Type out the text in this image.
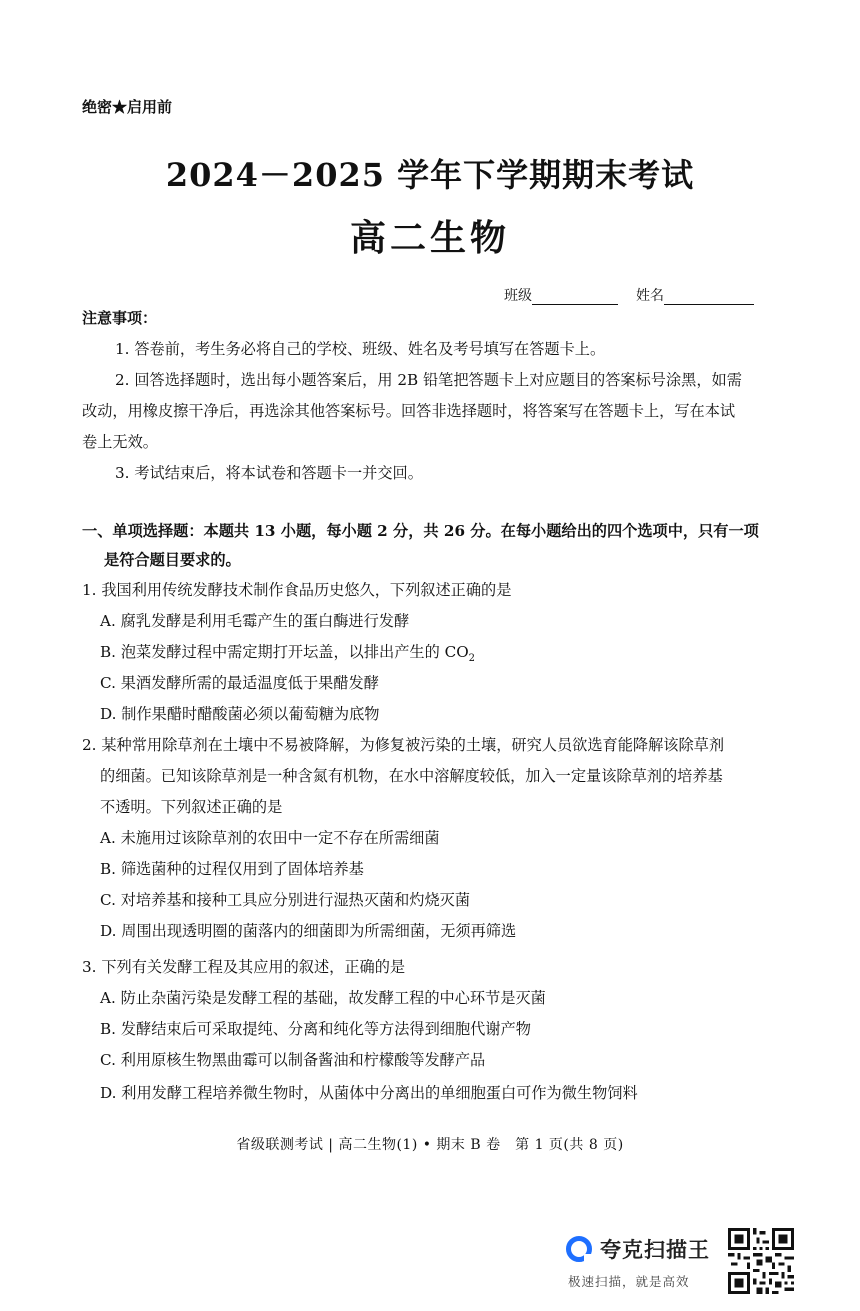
绝密★启用前
2024－2025 学年下学期期末考试
高二生物
班级	姓名
注意事项：
1. 答卷前，考生务必将自己的学校、班级、姓名及考号填写在答题卡上。
2. 回答选择题时，选出每小题答案后，用 2B 铅笔把答题卡上对应题目的答案标号涂黑，如需
改动，用橡皮擦干净后，再选涂其他答案标号。回答非选择题时，将答案写在答题卡上，写在本试
卷上无效。
3. 考试结束后，将本试卷和答题卡一并交回。
一、单项选择题：本题共 13 小题，每小题 2 分，共 26 分。在每小题给出的四个选项中，只有一项
是符合题目要求的。
1. 我国利用传统发酵技术制作食品历史悠久，下列叙述正确的是
A. 腐乳发酵是利用毛霉产生的蛋白酶进行发酵
B. 泡菜发酵过程中需定期打开坛盖，以排出产生的 $CO_2$
C. 果酒发酵所需的最适温度低于果醋发酵
D. 制作果醋时醋酸菌必须以葡萄糖为底物
2. 某种常用除草剂在土壤中不易被降解，为修复被污染的土壤，研究人员欲选育能降解该除草剂
的细菌。已知该除草剂是一种含氮有机物，在水中溶解度较低，加入一定量该除草剂的培养基
不透明。下列叙述正确的是
A. 未施用过该除草剂的农田中一定不存在所需细菌
B. 筛选菌种的过程仅用到了固体培养基
C. 对培养基和接种工具应分别进行湿热灭菌和灼烧灭菌
D. 周围出现透明圈的菌落内的细菌即为所需细菌，无须再筛选
3. 下列有关发酵工程及其应用的叙述，正确的是
A. 防止杂菌污染是发酵工程的基础，故发酵工程的中心环节是灭菌
B. 发酵结束后可采取提纯、分离和纯化等方法得到细胞代谢产物
C. 利用原核生物黑曲霉可以制备酱油和柠檬酸等发酵产品
D. 利用发酵工程培养微生物时，从菌体中分离出的单细胞蛋白可作为微生物饲料
省级联测考试 | 高二生物(1) • 期末 B 卷　第 1 页(共 8 页)
夸克扫描王
极速扫描，就是高效
